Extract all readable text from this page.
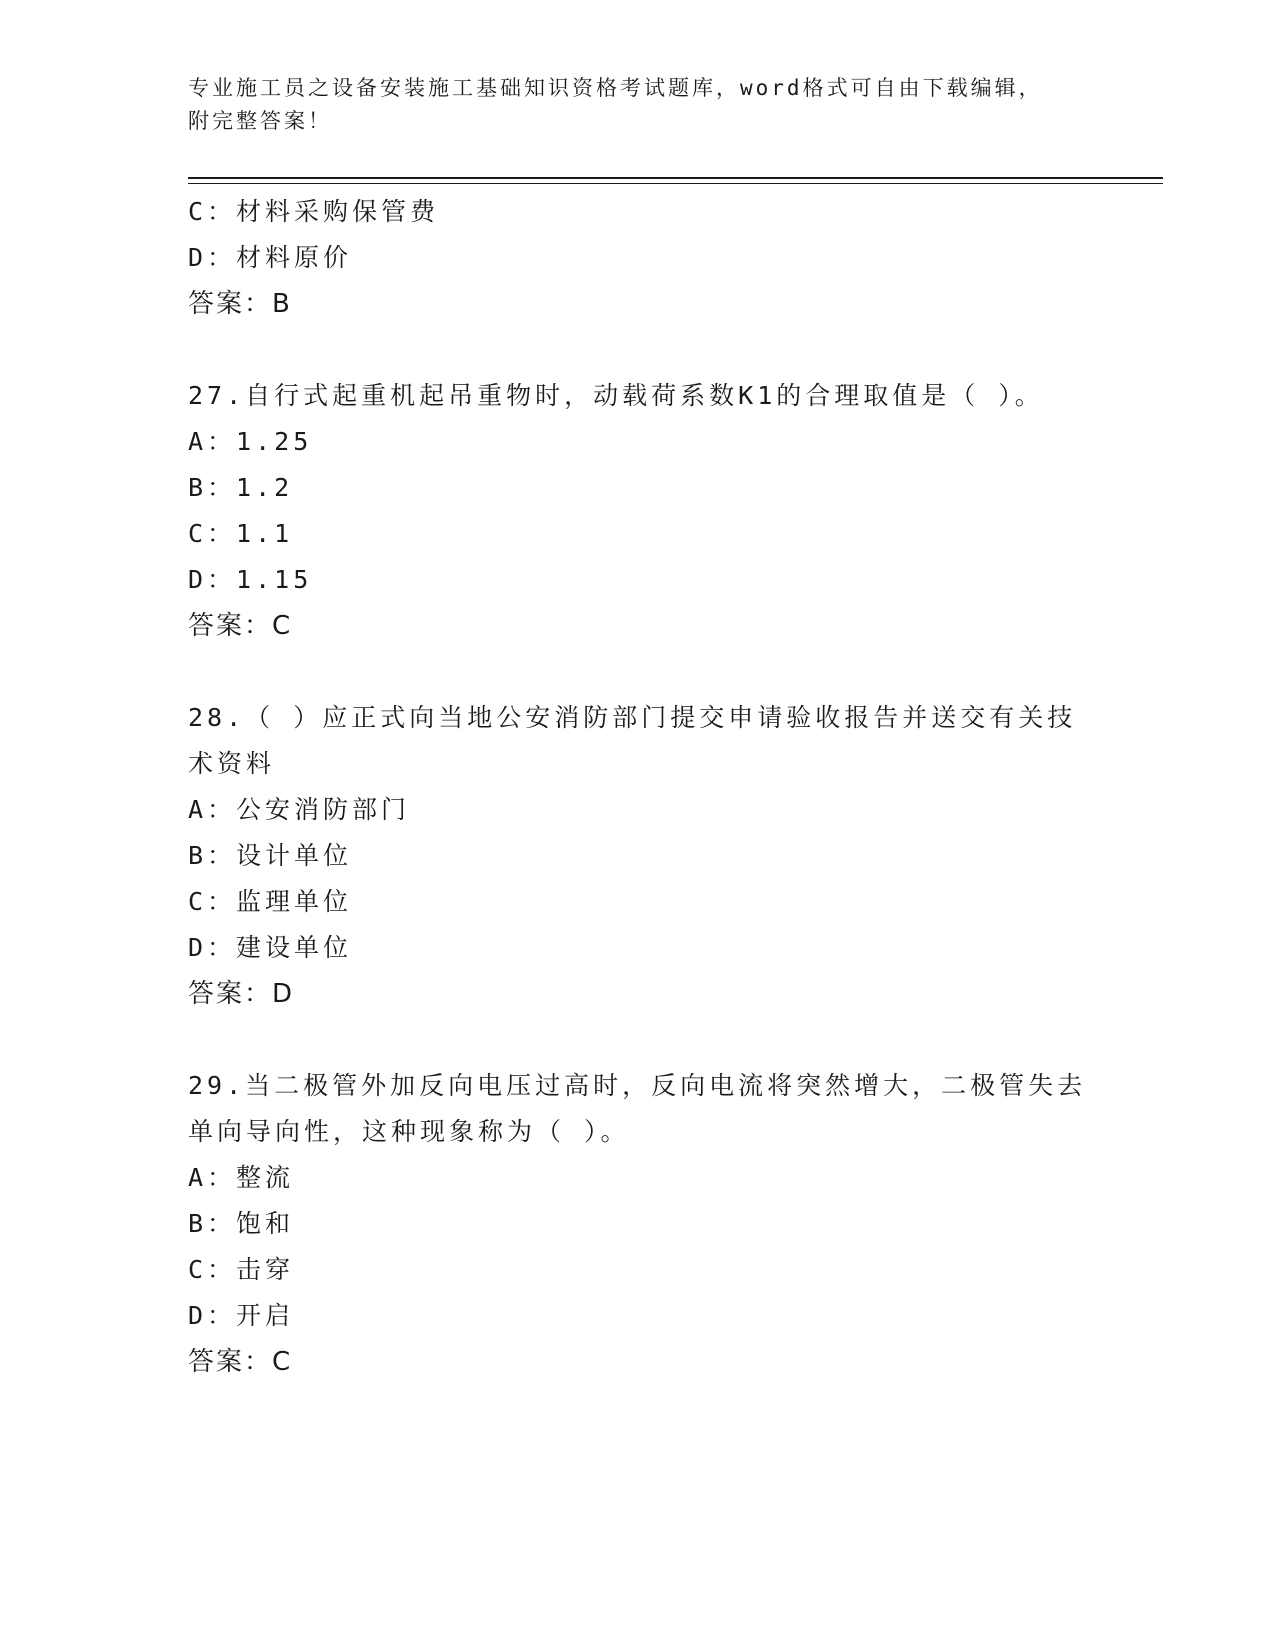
专业施工员之设备安装施工基础知识资格考试题库，word格式可自由下载编辑，
附完整答案！
C：材料采购保管费
D：材料原价
答案：B
27.自行式起重机起吊重物时，动载荷系数K1的合理取值是（ ）。
A：1.25
B：1.2
C：1.1
D：1.15
答案：C
28.（ ）应正式向当地公安消防部门提交申请验收报告并送交有关技
术资料
A：公安消防部门
B：设计单位
C：监理单位
D：建设单位
答案：D
29.当二极管外加反向电压过高时，反向电流将突然增大，二极管失去
单向导向性，这种现象称为（ ）。
A：整流
B：饱和
C：击穿
D：开启
答案：C
